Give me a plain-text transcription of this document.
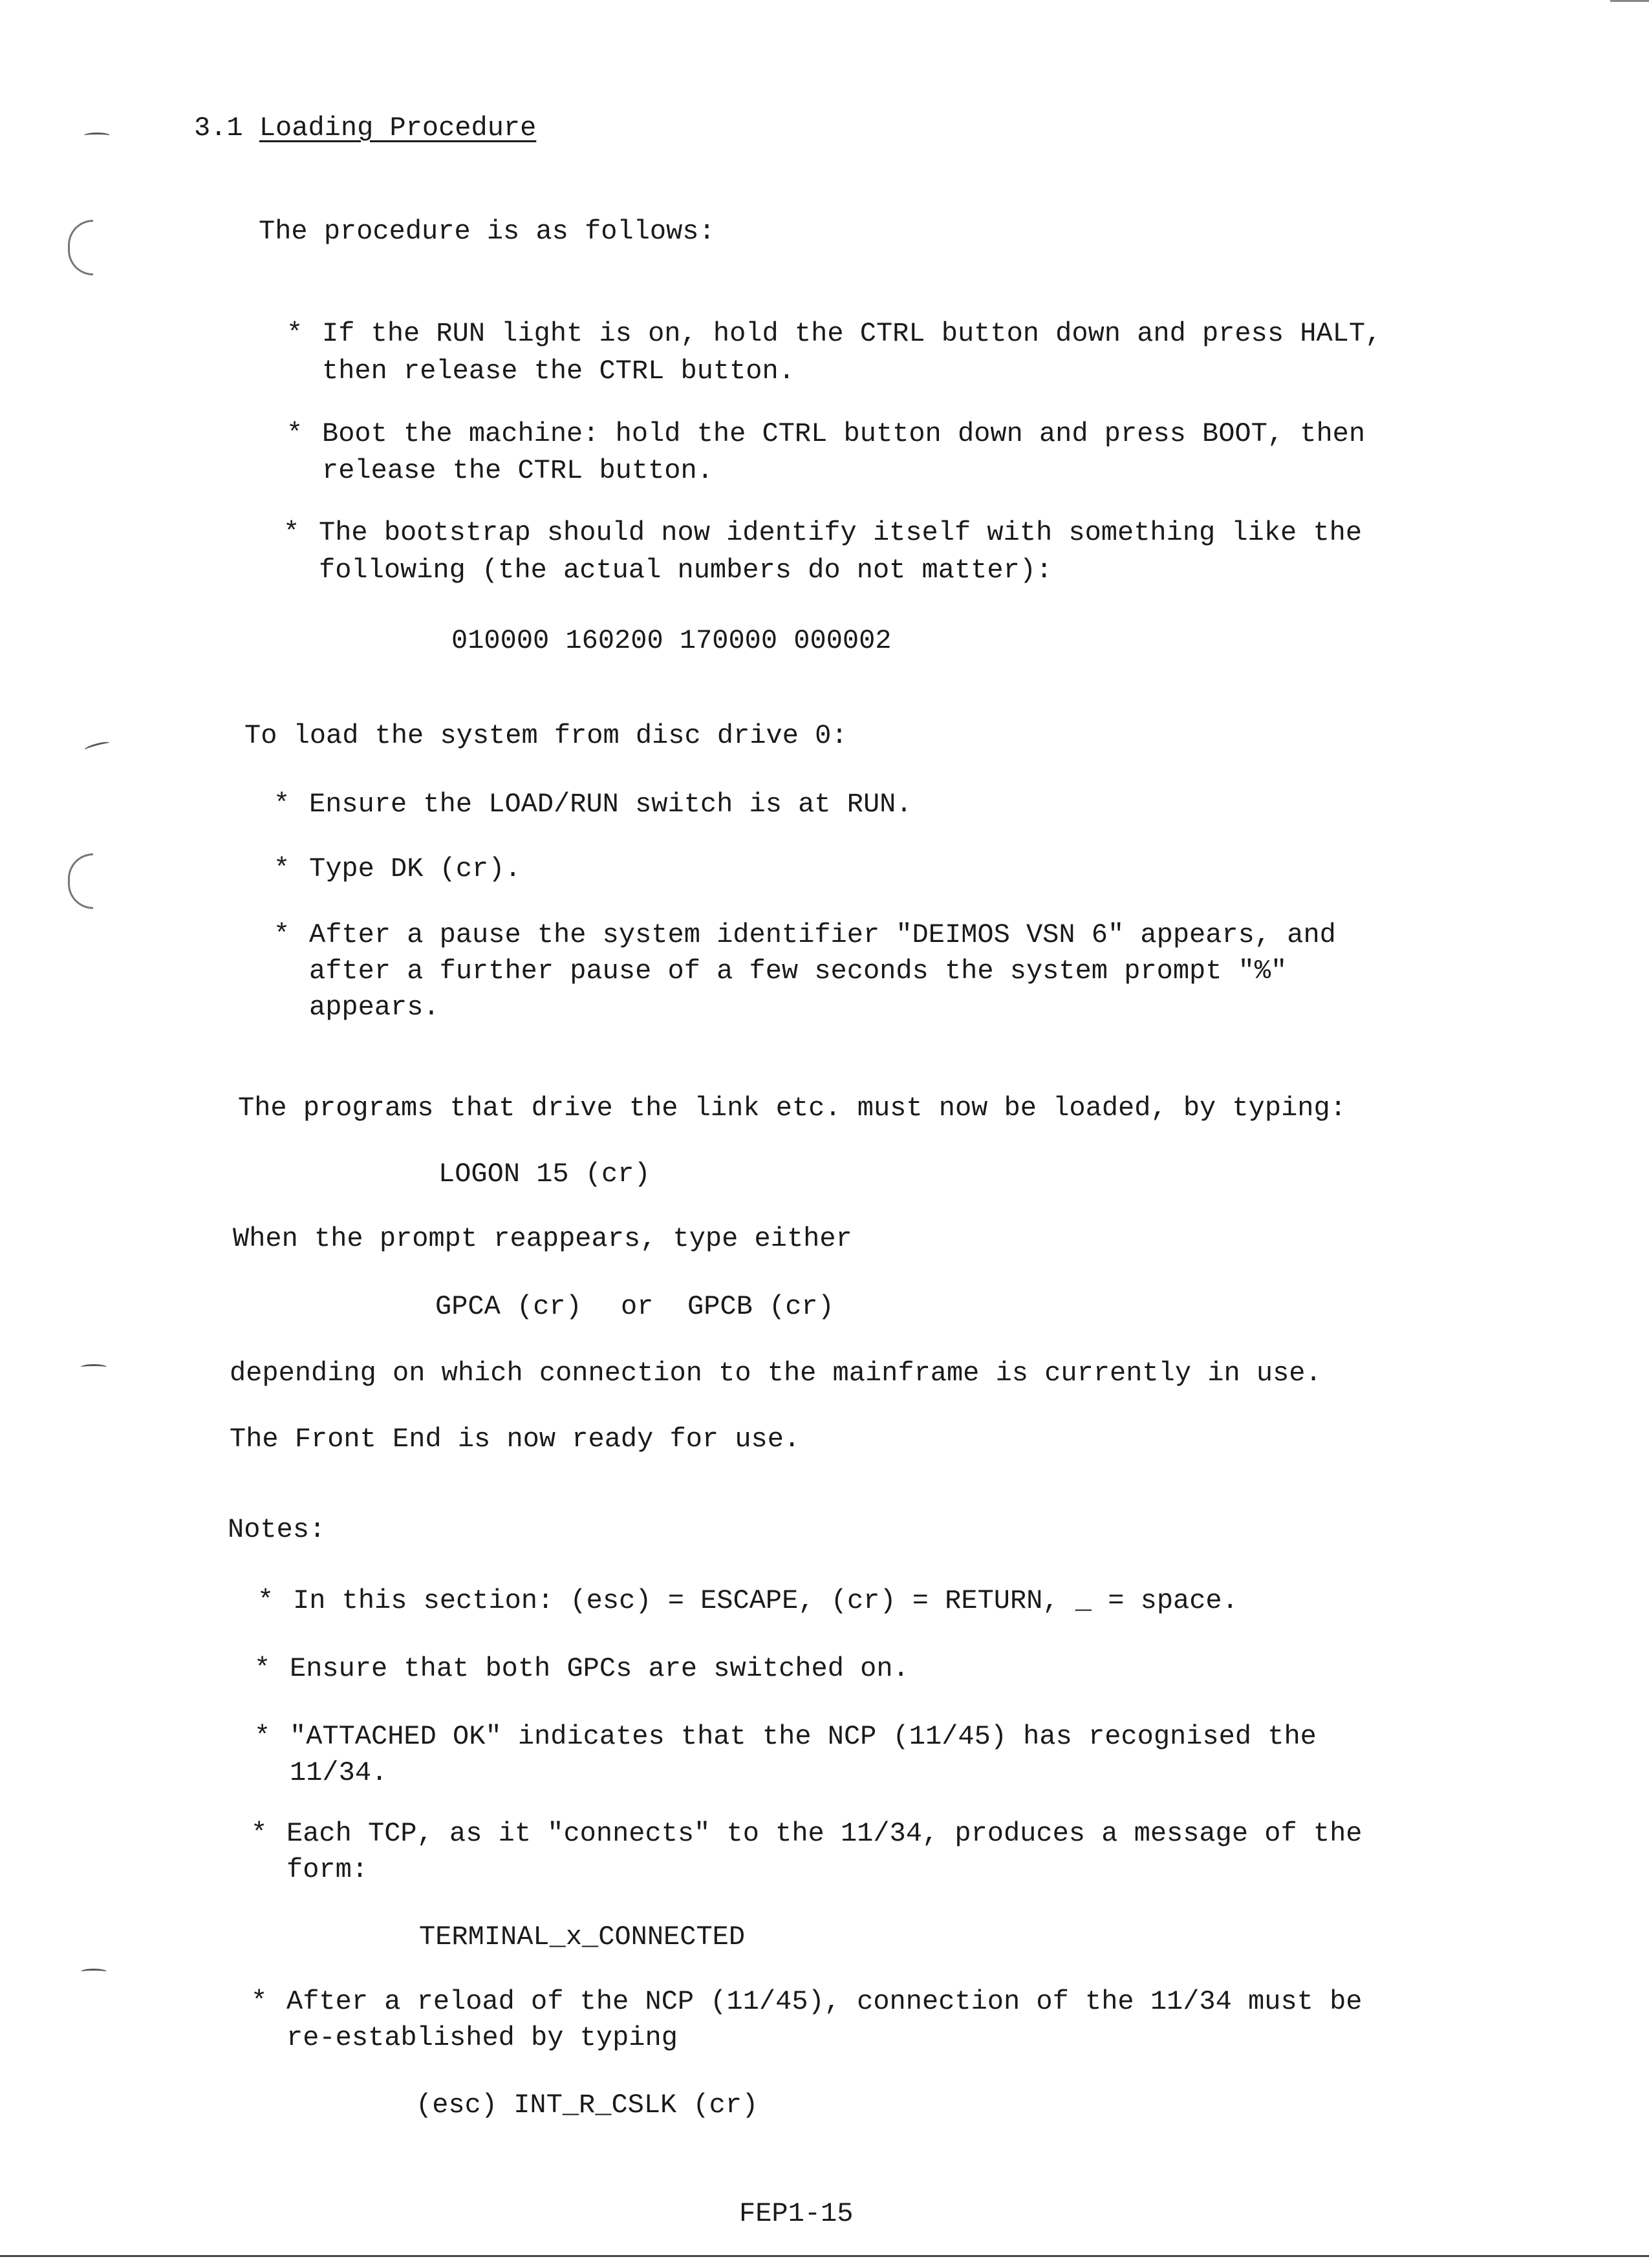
3.1 Loading Procedure
The procedure is as follows:
* If the RUN light is on, hold the CTRL button down and press HALT,
then release the CTRL button.
* Boot the machine: hold the CTRL button down and press BOOT, then
release the CTRL button.
* The bootstrap should now identify itself with something like the
following (the actual numbers do not matter):
010000 160200 170000 000002
To load the system from disc drive 0:
* Ensure the LOAD/RUN switch is at RUN.
* Type DK (cr).
* After a pause the system identifier "DEIMOS VSN 6" appears, and
after a further pause of a few seconds the system prompt "%"
appears.
The programs that drive the link etc. must now be loaded, by typing:
LOGON 15 (cr)
When the prompt reappears, type either
GPCA (cr) or GPCB (cr)
depending on which connection to the mainframe is currently in use.
The Front End is now ready for use.
Notes:
* In this section: (esc) = ESCAPE, (cr) = RETURN, _ = space.
* Ensure that both GPCs are switched on.
* "ATTACHED OK" indicates that the NCP (11/45) has recognised the
11/34.
* Each TCP, as it "connects" to the 11/34, produces a message of the
form:
TERMINAL_x_CONNECTED
* After a reload of the NCP (11/45), connection of the 11/34 must be
re-established by typing
(esc) INT_R_CSLK (cr)
FEP1-15
